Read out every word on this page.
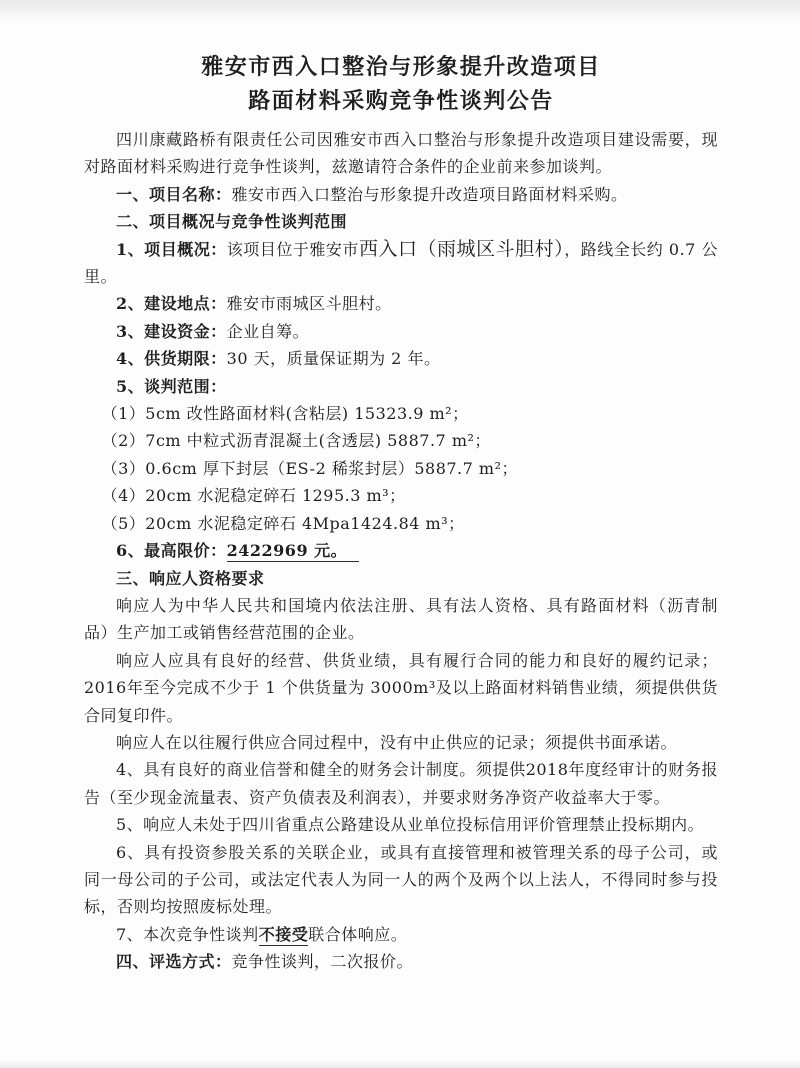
雅安市西入口整治与形象提升改造项目
路面材料采购竞争性谈判公告

四川康藏路桥有限责任公司因雅安市西入口整治与形象提升改造项目建设需要，现对路面材料采购进行竞争性谈判，兹邀请符合条件的企业前来参加谈判。

一、项目名称：雅安市西入口整治与形象提升改造项目路面材料采购。

二、项目概况与竞争性谈判范围

1、项目概况：该项目位于雅安市西入口（雨城区斗胆村），路线全长约 0.7 公里。

2、建设地点：雅安市雨城区斗胆村。

3、建设资金：企业自筹。

4、供货期限：30 天，质量保证期为 2 年。

5、谈判范围：

（1）5cm 改性路面材料(含粘层) 15323.9 m²；

（2）7cm 中粒式沥青混凝土(含透层) 5887.7 m²；

（3）0.6cm 厚下封层（ES-2 稀浆封层）5887.7 m²；

（4）20cm 水泥稳定碎石 1295.3 m³；

（5）20cm 水泥稳定碎石 4Mpa1424.84 m³；

6、最高限价：2422969 元。

三、响应人资格要求

响应人为中华人民共和国境内依法注册、具有法人资格、具有路面材料（沥青制品）生产加工或销售经营范围的企业。

响应人应具有良好的经营、供货业绩，具有履行合同的能力和良好的履约记录；2016年至今完成不少于 1 个供货量为 3000m³及以上路面材料销售业绩，须提供供货合同复印件。

响应人在以往履行供应合同过程中，没有中止供应的记录；须提供书面承诺。

4、具有良好的商业信誉和健全的财务会计制度。须提供2018年度经审计的财务报告（至少现金流量表、资产负债表及利润表），并要求财务净资产收益率大于零。

5、响应人未处于四川省重点公路建设从业单位投标信用评价管理禁止投标期内。

6、具有投资参股关系的关联企业，或具有直接管理和被管理关系的母子公司，或同一母公司的子公司，或法定代表人为同一人的两个及两个以上法人，不得同时参与投标，否则均按照废标处理。

7、本次竞争性谈判不接受联合体响应。

四、评选方式：竞争性谈判，二次报价。
